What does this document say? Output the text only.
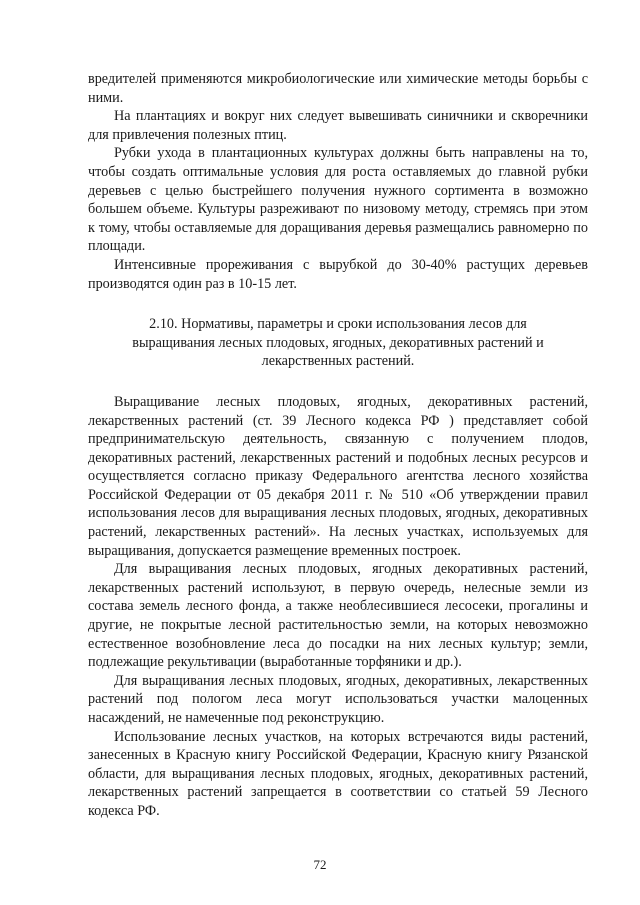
вредителей применяются микробиологические или химические методы борьбы с ними.

На плантациях и вокруг них следует вывешивать синичники и скворечники для привлечения полезных птиц.

Рубки ухода в плантационных культурах должны быть направлены на то, чтобы создать оптимальные условия для роста оставляемых до главной рубки деревьев с целью быстрейшего получения нужного сортимента в возможно большем объеме. Культуры разреживают по низовому методу, стремясь при этом к тому, чтобы оставляемые для доращивания деревья размещались равномерно по площади.

Интенсивные прореживания с вырубкой до 30-40% растущих деревьев производятся один раз в 10-15 лет.

2.10. Нормативы, параметры и сроки использования лесов для
выращивания лесных плодовых, ягодных, декоративных растений и
лекарственных растений.

Выращивание лесных плодовых, ягодных, декоративных растений, лекарственных растений (ст. 39 Лесного кодекса РФ ) представляет собой предпринимательскую деятельность, связанную с получением плодов, декоративных растений, лекарственных растений и подобных лесных ресурсов и осуществляется согласно приказу Федерального агентства лесного хозяйства Российской Федерации от 05 декабря 2011 г. № 510 «Об утверждении правил использования лесов для выращивания лесных плодовых, ягодных, декоративных растений, лекарственных растений». На лесных участках, используемых для выращивания, допускается размещение временных построек.

Для выращивания лесных плодовых, ягодных декоративных растений, лекарственных растений используют, в первую очередь, нелесные земли из состава земель лесного фонда, а также необлесившиеся лесосеки, прогалины и другие, не покрытые лесной растительностью земли, на которых невозможно естественное возобновление леса до посадки на них лесных культур; земли, подлежащие рекультивации (выработанные торфяники и др.).

Для выращивания лесных плодовых, ягодных, декоративных, лекарственных растений под пологом леса могут использоваться участки малоценных насаждений, не намеченные под реконструкцию.

Использование лесных участков, на которых встречаются виды растений, занесенных в Красную книгу Российской Федерации, Красную книгу Рязанской области, для выращивания лесных плодовых, ягодных, декоративных растений, лекарственных растений запрещается в соответствии со статьей 59 Лесного кодекса РФ.

72
